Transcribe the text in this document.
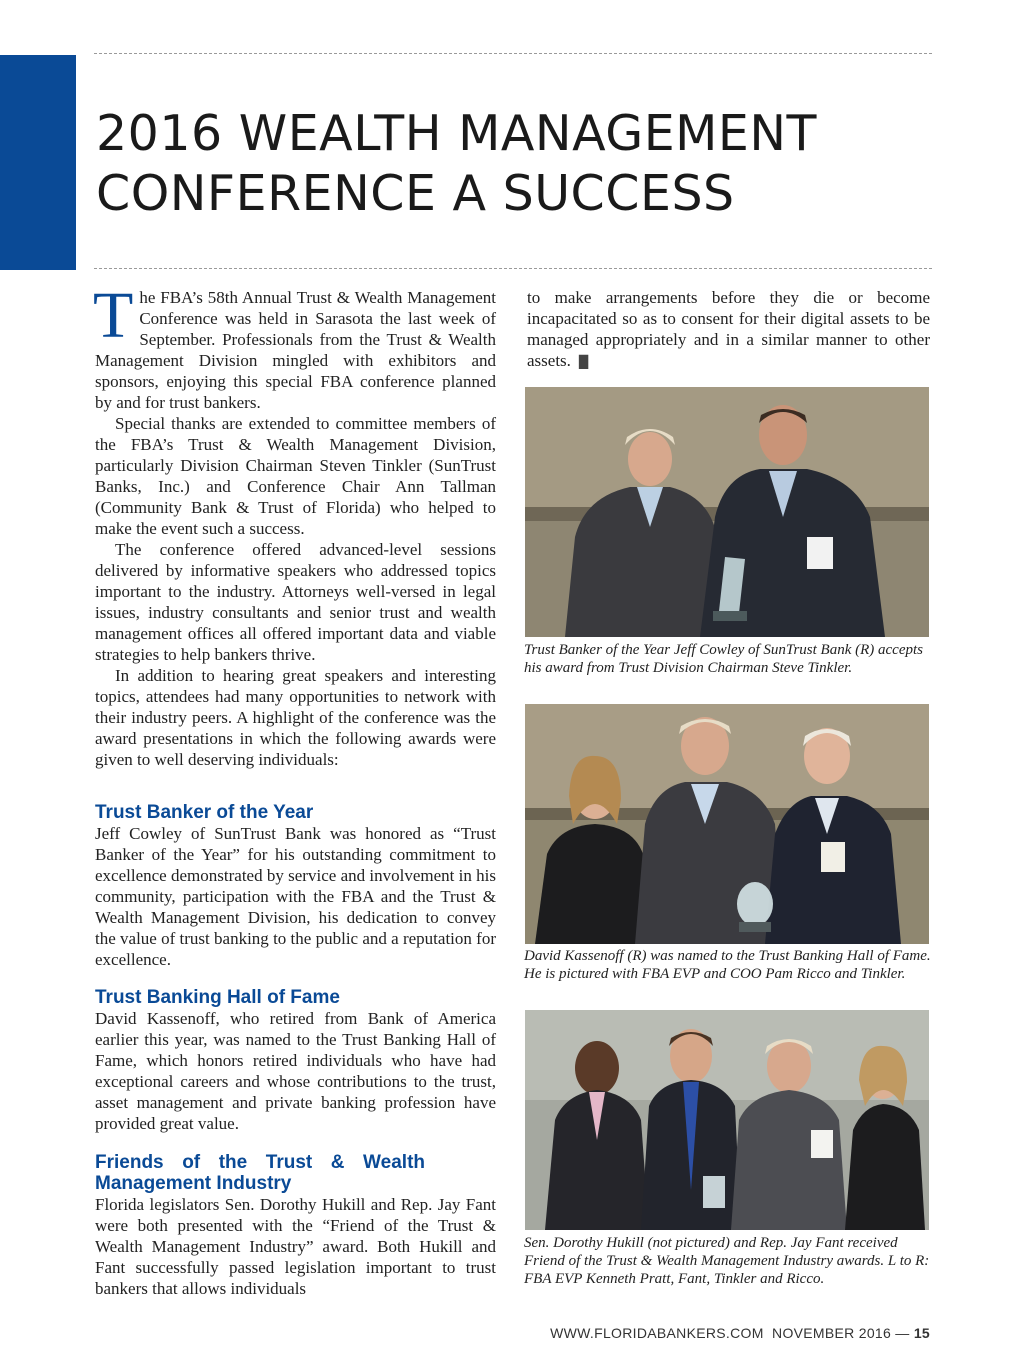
2016 WEALTH MANAGEMENT
CONFERENCE A SUCCESS

The FBA’s 58th Annual Trust & Wealth Management Conference was held in Sarasota the last week of September. Professionals from the Trust & Wealth Management Division mingled with exhibitors and sponsors, enjoying this special FBA conference planned by and for trust bankers.

Special thanks are extended to committee members of the FBA’s Trust & Wealth Management Division, particularly Division Chairman Steven Tinkler (SunTrust Banks, Inc.) and Conference Chair Ann Tallman (Community Bank & Trust of Florida) who helped to make the event such a success.

The conference offered advanced-level sessions delivered by informative speakers who addressed topics important to the industry. Attorneys well-versed in legal issues, industry consultants and senior trust and wealth management offices all offered important data and viable strategies to help bankers thrive.

In addition to hearing great speakers and interesting topics, attendees had many opportunities to network with their industry peers. A highlight of the conference was the award presentations in which the following awards were given to well deserving individuals:

Trust Banker of the Year

Jeff Cowley of SunTrust Bank was honored as “Trust Banker of the Year” for his outstanding commitment to excellence demonstrated by service and involvement in his community, participation with the FBA and the Trust & Wealth Management Division, his dedication to convey the value of trust banking to the public and a reputation for excellence.

Trust Banking Hall of Fame

David Kassenoff, who retired from Bank of America earlier this year, was named to the Trust Banking Hall of Fame, which honors retired individuals who have had exceptional careers and whose contributions to the trust, asset management and private banking profession have provided great value.

Friends of the Trust & Wealth Management Industry

Florida legislators Sen. Dorothy Hukill and Rep. Jay Fant were both presented with the “Friend of the Trust & Wealth Management Industry” award. Both Hukill and Fant successfully passed legislation important to trust bankers that allows individuals

to make arrangements before they die or become incapacitated so as to consent for their digital assets to be managed appropriately and in a similar manner to other assets. █

Trust Banker of the Year Jeff Cowley of SunTrust Bank (R) accepts his award from Trust Division Chairman Steve Tinkler.

David Kassenoff (R) was named to the Trust Banking Hall of Fame. He is pictured with FBA EVP and COO Pam Ricco and Tinkler.

Sen. Dorothy Hukill (not pictured) and Rep. Jay Fant received Friend of the Trust & Wealth Management Industry awards. L to R: FBA EVP Kenneth Pratt, Fant, Tinkler and Ricco.

WWW.FLORIDABANKERS.COM NOVEMBER 2016 — 15
